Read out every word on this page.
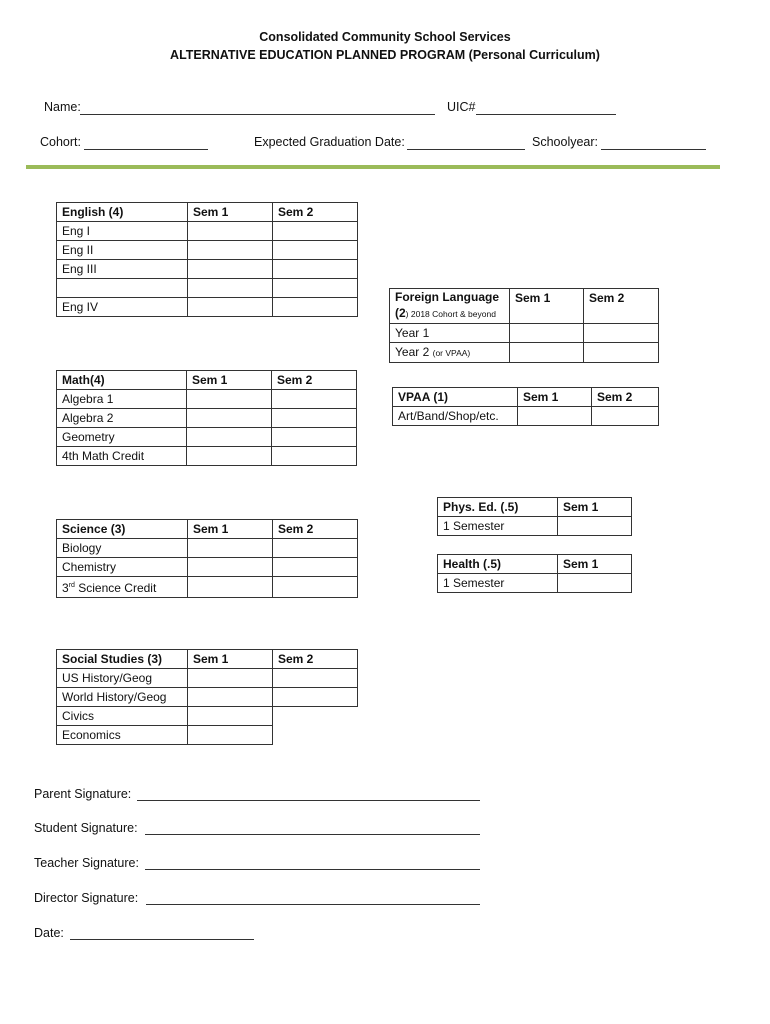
Consolidated Community School Services
ALTERNATIVE EDUCATION PLANNED PROGRAM (Personal Curriculum)
Name:	UIC#
Cohort:	Expected Graduation Date:	Schoolyear:
English (4)	Sem 1	Sem 2
Eng I		
Eng II		
Eng III		

Eng IV		
Math(4)	Sem 1	Sem 2
Algebra 1		
Algebra 2		
Geometry		
4th Math Credit		
Science (3)	Sem 1	Sem 2
Biology		
Chemistry		
3rd Science Credit		
Social Studies (3)	Sem 1	Sem 2
US History/Geog		
World History/Geog		
Civics		
Economics		
Foreign Language
(2) 2018 Cohort & beyond	Sem 1	Sem 2
Year 1		
Year 2 (or VPAA)		
VPAA (1)	Sem 1	Sem 2
Art/Band/Shop/etc.		
Phys. Ed. (.5)	Sem 1
1 Semester	
Health (.5)	Sem 1
1 Semester	
Parent Signature:
Student Signature:
Teacher Signature:
Director Signature:
Date:
